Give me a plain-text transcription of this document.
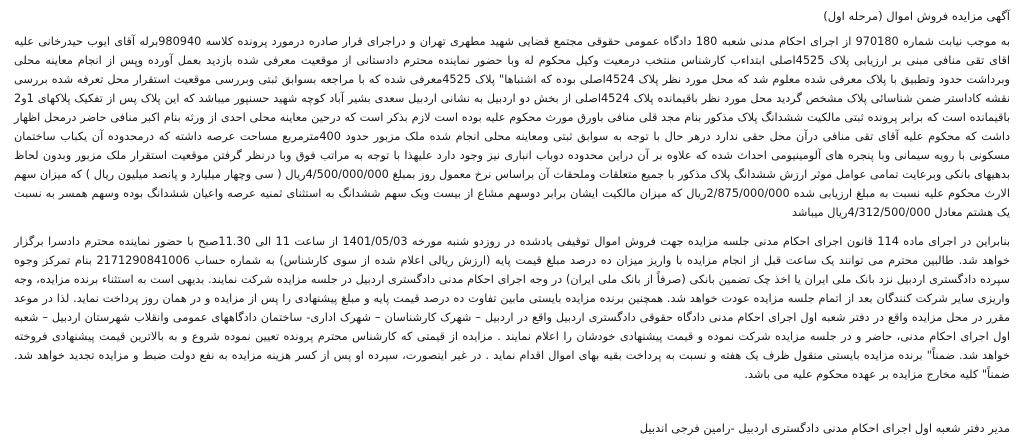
آگهی مزایده فروش اموال (مرحله اول)

به موجب نیابت شماره 970180 از اجرای احکام مدنی شعبه 180 دادگاه عمومی حقوقی مجتمع قضایی شهید مطهری تهران و دراجرای قرار صادره درمورد پرونده کلاسه 980940برله آقای ایوب حیدرخانی علیه اقای تقی منافی مبنی بر ارزیابی پلاک 4525اصلی ابتداءب کارشناس منتخب درمعیت وکیل محکوم له وبا حضور نماینده محترم دادستانی از موقعیت معرفی شده بازدید بعمل آورده وپس از انجام معاینه محلی وبرداشت حدود وتطبیق با پلاک معرفی شده معلوم شد که محل مورد نظر پلاک 4524اصلی بوده که اشتباها" پلاک 4525معرفی شده که با مراجعه بسوابق ثبتی وبررسی موقعیت استقرار محل تعرفه شده بررسی نقشه کاداستر ضمن شناسائی پلاک مشخص گردید محل مورد نظر باقیمانده پلاک 4524اصلی از بخش دو اردبیل به نشانی اردبیل سعدی بشیر آباد کوچه شهید حسنپور میباشد که این پلاک پس از تفکیک پلاکهای 1و2 باقیمانده است که برابر پرونده ثبتی مالکیت ششدانگ پلاک مذکور بنام مجد قلی منافی باورق مورث محکوم علیه بوده است لازم بذکر است که درحین معاینه محلی احدی از ورثه بنام اکبر منافی حاضر درمحل اظهار داشت که محکوم علیه آقای تقی منافی درآن محل حقی ندارد درهر حال با توجه به سوابق ثبتی ومعاینه محلی انجام شده ملک مزبور حدود 400مترمربع مساحت عرصه داشته که درمحدوده آن یکباب ساختمان مسکونی با رویه سیمانی وبا پنجره های آلومینیومی احداث شده که علاوه بر آن دراین محدوده دوباب انباری نیز وجود دارد علیهذا با توجه به مراتب فوق وبا درنظر گرفتن موقعیت استقرار ملک مزبور وبدون لحاظ بدهیهای بانکی وبرعایت تمامی عوامل موثر ارزش ششدانگ پلاک مذکور با جمیع متعلقات وملحقات آن براساس نرخ معمول روز بمبلغ 4/500/000/000ریال ( سی وچهار میلیارد و پانصد میلیون ریال ) که میزان سهم الارث محکوم علیه نسبت به مبلغ ارزیابی شده 2/875/000/000ریال که میزان مالکیت ایشان برابر دوسهم مشاع از بیست ویک سهم ششدانگ به استثنای ثمنیه عرصه واعیان ششدانگ بوده وسهم همسر به نسبت یک هشتم معادل 4/312/500/000ریال میباشد

بنابراین در اجرای ماده 114 قانون اجرای احکام مدنی جلسه مزایده جهت فروش اموال توقیفی یادشده در روزدو شنبه مورخه 1401/05/03 از ساعت 11 الی 11.30صبح با حضور نماینده محترم دادسرا برگزار خواهد شد. طالبین محترم می توانند یک ساعت قبل از انجام مزایده با واریز میزان ده درصد مبلغ قیمت پایه (ارزش ریالی اعلام شده از سوی کارشناس) به شماره حساب 2171290841006 بنام تمرکز وجوه سپرده دادگستری اردبیل نزد بانک ملی ایران یا اخذ چک تضمین بانکی (صرفاً از بانک ملی ایران) در وجه اجرای احکام مدنی دادگستری اردبیل در جلسه مزایده شرکت نمایند. بدیهی است به استثناء برنده مزایده، وجه واریزی سایر شرکت کنندگان بعد از اتمام جلسه مزایده عودت خواهد شد. همچنین برنده مزایده بایستی مابین تفاوت ده درصد قیمت پایه و مبلغ پیشنهادی را پس از مزایده و در همان روز پرداخت نماید. لذا در موعد مقرر در محل مزایده واقع در دفتر شعبه اول اجرای احکام مدنی دادگاه حقوقی دادگستری اردبیل واقع در اردبیل – شهرک کارشناسان – شهرک اداری- ساختمان دادگاههای عمومی وانقلاب شهرستان اردبیل – شعبه اول اجرای احکام مدنی، حاضر و در جلسه مزایده شرکت نموده و قیمت پیشنهادی خودشان را اعلام نمایند . مزایده از قیمتی که کارشناس محترم پرونده تعیین نموده شروع و به بالاترین قیمت پیشنهادی فروخته خواهد شد. ضمناً" برنده مزایده بایستی منقول ظرف یک هفته و نسبت به پرداخت بقیه بهای اموال اقدام نماید . در غیر اینصورت، سپرده او پس از کسر هزینه مزایده به نفع دولت ضبط و مزایده تجدید خواهد شد. ضمناً" کلیه مخارج مزایده بر عهده محکوم علیه می باشد.

مدیر دفتر شعبه اول اجرای احکام مدنی دادگستری اردبیل -رامین فرجی اندبیل
